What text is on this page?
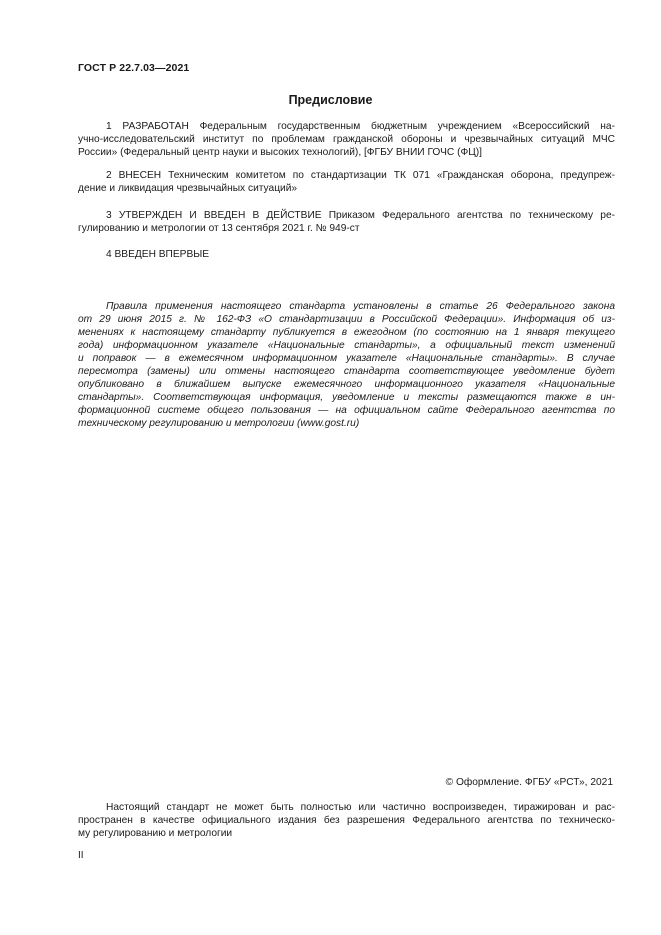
ГОСТ Р 22.7.03—2021
Предисловие

1 РАЗРАБОТАН Федеральным государственным бюджетным учреждением «Всероссийский на-
учно-исследовательский институт по проблемам гражданской обороны и чрезвычайных ситуаций МЧС
России» (Федеральный центр науки и высоких технологий), [ФГБУ ВНИИ ГОЧС (ФЦ)]

2 ВНЕСЕН Техническим комитетом по стандартизации ТК 071 «Гражданская оборона, предупреж-
дение и ликвидация чрезвычайных ситуаций»

3 УТВЕРЖДЕН И ВВЕДЕН В ДЕЙСТВИЕ Приказом Федерального агентства по техническому ре-
гулированию и метрологии от 13 сентября 2021 г. № 949-ст

4 ВВЕДЕН ВПЕРВЫЕ

Правила применения настоящего стандарта установлены в статье 26 Федерального закона
от 29 июня 2015 г. № 162-ФЗ «О стандартизации в Российской Федерации». Информация об из-
менениях к настоящему стандарту публикуется в ежегодном (по состоянию на 1 января текущего
года) информационном указателе «Национальные стандарты», а официальный текст изменений
и поправок — в ежемесячном информационном указателе «Национальные стандарты». В случае
пересмотра (замены) или отмены настоящего стандарта соответствующее уведомление будет
опубликовано в ближайшем выпуске ежемесячного информационного указателя «Национальные
стандарты». Соответствующая информация, уведомление и тексты размещаются также в ин-
формационной системе общего пользования — на официальном сайте Федерального агентства по
техническому регулированию и метрологии (www.gost.ru)

© Оформление. ФГБУ «РСТ», 2021

Настоящий стандарт не может быть полностью или частично воспроизведен, тиражирован и рас-
пространен в качестве официального издания без разрешения Федерального агентства по техническо-
му регулированию и метрологии

II
